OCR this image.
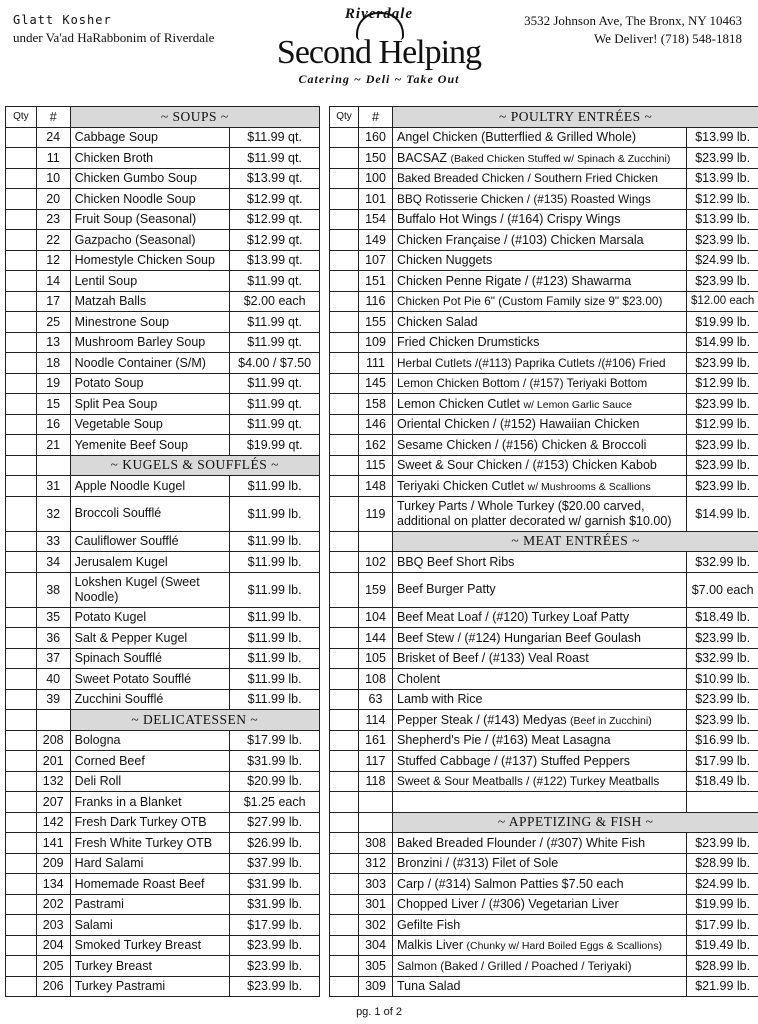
Glatt Kosher
under Va'ad HaRabbonim of Riverdale
Riverdale
Second Helping
Catering ~ Deli ~ Take Out
3532 Johnson Ave, The Bronx, NY 10463
We Deliver! (718) 548-1818
Qty	#	~ SOUPS ~	
	24	Cabbage Soup	$11.99 qt.
	11	Chicken Broth	$11.99 qt.
	10	Chicken Gumbo Soup	$13.99 qt.
	20	Chicken Noodle Soup	$12.99 qt.
	23	Fruit Soup (Seasonal)	$12.99 qt.
	22	Gazpacho (Seasonal)	$12.99 qt.
	12	Homestyle Chicken Soup	$13.99 qt.
	14	Lentil Soup	$11.99 qt.
	17	Matzah Balls	$2.00 each
	25	Minestrone Soup	$11.99 qt.
	13	Mushroom Barley Soup	$11.99 qt.
	18	Noodle Container (S/M)	$4.00 / $7.50
	19	Potato Soup	$11.99 qt.
	15	Split Pea Soup	$11.99 qt.
	16	Vegetable Soup	$11.99 qt.
	21	Yemenite Beef Soup	$19.99 qt.
		~ KUGELS & SOUFFLÉS ~	
	31	Apple Noodle Kugel	$11.99 lb.
	32	Broccoli Soufflé	$11.99 lb.
	33	Cauliflower Soufflé	$11.99 lb.
	34	Jerusalem Kugel	$11.99 lb.
	38	Lokshen Kugel (Sweet Noodle)	$11.99 lb.
	35	Potato Kugel	$11.99 lb.
	36	Salt & Pepper Kugel	$11.99 lb.
	37	Spinach Soufflé	$11.99 lb.
	40	Sweet Potato Soufflé	$11.99 lb.
	39	Zucchini Soufflé	$11.99 lb.
		~ DELICATESSEN ~	
	208	Bologna	$17.99 lb.
	201	Corned Beef	$31.99 lb.
	132	Deli Roll	$20.99 lb.
	207	Franks in a Blanket	$1.25 each
	142	Fresh Dark Turkey OTB	$27.99 lb.
	141	Fresh White Turkey OTB	$26.99 lb.
	209	Hard Salami	$37.99 lb.
	134	Homemade Roast Beef	$31.99 lb.
	202	Pastrami	$31.99 lb.
	203	Salami	$17.99 lb.
	204	Smoked Turkey Breast	$23.99 lb.
	205	Turkey Breast	$23.99 lb.
	206	Turkey Pastrami	$23.99 lb.
Qty	#	~ POULTRY ENTRÉES ~	
	160	Angel Chicken (Butterflied & Grilled Whole)	$13.99 lb.
	150	BACSAZ (Baked Chicken Stuffed w/ Spinach & Zucchini)	$23.99 lb.
	100	Baked Breaded Chicken / Southern Fried Chicken	$13.99 lb.
	101	BBQ Rotisserie Chicken / (#135) Roasted Wings	$12.99 lb.
	154	Buffalo Hot Wings / (#164) Crispy Wings	$13.99 lb.
	149	Chicken Française / (#103) Chicken Marsala	$23.99 lb.
	107	Chicken Nuggets	$24.99 lb.
	151	Chicken Penne Rigate / (#123) Shawarma	$23.99 lb.
	116	Chicken Pot Pie 6" (Custom Family size 9" $23.00)	$12.00 each
	155	Chicken Salad	$19.99 lb.
	109	Fried Chicken Drumsticks	$14.99 lb.
	111	Herbal Cutlets /(#113) Paprika Cutlets /(#106) Fried	$23.99 lb.
	145	Lemon Chicken Bottom / (#157) Teriyaki Bottom	$12.99 lb.
	158	Lemon Chicken Cutlet w/ Lemon Garlic Sauce	$23.99 lb.
	146	Oriental Chicken / (#152) Hawaiian Chicken	$12.99 lb.
	162	Sesame Chicken / (#156) Chicken & Broccoli	$23.99 lb.
	115	Sweet & Sour Chicken / (#153) Chicken Kabob	$23.99 lb.
	148	Teriyaki Chicken Cutlet w/ Mushrooms & Scallions	$23.99 lb.
	119	Turkey Parts / Whole Turkey ($20.00 carved, additional on platter decorated w/ garnish $10.00)	$14.99 lb.
		~ MEAT ENTRÉES ~	
	102	BBQ Beef Short Ribs	$32.99 lb.
	159	Beef Burger Patty	$7.00 each
	104	Beef Meat Loaf / (#120) Turkey Loaf Patty	$18.49 lb.
	144	Beef Stew / (#124) Hungarian Beef Goulash	$23.99 lb.
	105	Brisket of Beef / (#133) Veal Roast	$32.99 lb.
	108	Cholent	$10.99 lb.
	63	Lamb with Rice	$23.99 lb.
	114	Pepper Steak / (#143) Medyas (Beef in Zucchini)	$23.99 lb.
	161	Shepherd's Pie / (#163) Meat Lasagna	$16.99 lb.
	117	Stuffed Cabbage / (#137) Stuffed Peppers	$17.99 lb.
	118	Sweet & Sour Meatballs / (#122) Turkey Meatballs	$18.49 lb.

		~ APPETIZING & FISH ~	
	308	Baked Breaded Flounder / (#307) White Fish	$23.99 lb.
	312	Bronzini / (#313) Filet of Sole	$28.99 lb.
	303	Carp / (#314) Salmon Patties $7.50 each	$24.99 lb.
	301	Chopped Liver / (#306) Vegetarian Liver	$19.99 lb.
	302	Gefilte Fish	$17.99 lb.
	304	Malkis Liver (Chunky w/ Hard Boiled Eggs & Scallions)	$19.49 lb.
	305	Salmon (Baked / Grilled / Poached / Teriyaki)	$28.99 lb.
	309	Tuna Salad	$21.99 lb.
pg. 1 of 2
